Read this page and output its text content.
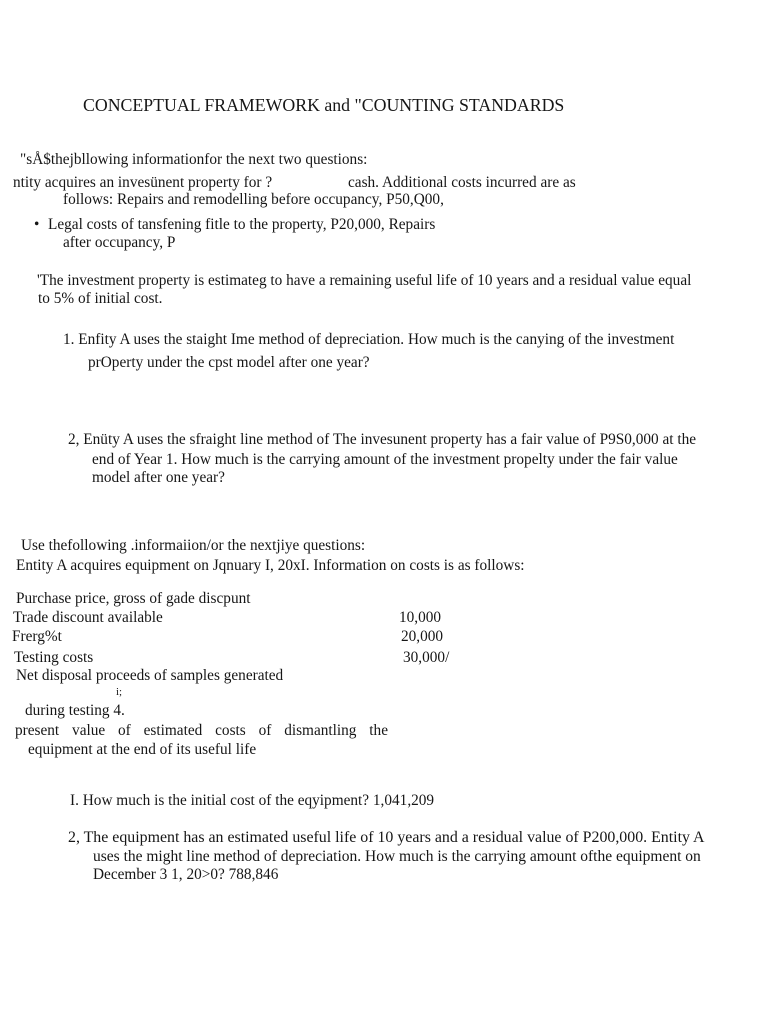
CONCEPTUAL FRAMEWORK and "COUNTING STANDARDS
"sÅ$thejbllowing informationfor the next two questions:
ntity acquires an invesünent property for ?	cash. Additional costs incurred are as
follows: Repairs and remodelling before occupancy, P50,Q00,
• Legal costs of tansfening fitle to the property, P20,000, Repairs
after occupancy, P
'The investment property is estimateg to have a remaining useful life of 10 years and a residual value equal
to 5% of initial cost.
1. Enfity A uses the staight Ime method of depreciation. How much is the canying of the investment
prOperty under the cpst model after one year?
2, Enüty A uses the sfraight line method of The invesunent property has a fair value of P9S0,000 at the
end of Year 1. How much is the carrying amount of the investment propelty under the fair value
model after one year?
Use thefollowing .informaiion/or the nextjiye questions:
Entity A acquires equipment on Jqnuary I, 20xI. Information on costs is as follows:
Purchase price, gross of gade discpunt
Trade discount available	10,000
Frerg%t	20,000
Testing costs	30,000/
Net disposal proceeds of samples generated
i;
during testing 4.
present value of estimated costs of dismantling the
equipment at the end of its useful life
I. How much is the initial cost of the eqyipment? 1,041,209
2, The equipment has an estimated useful life of 10 years and a residual value of P200,000. Entity A
uses the might line method of depreciation. How much is the carrying amount ofthe equipment on
December 3 1, 20>0? 788,846
